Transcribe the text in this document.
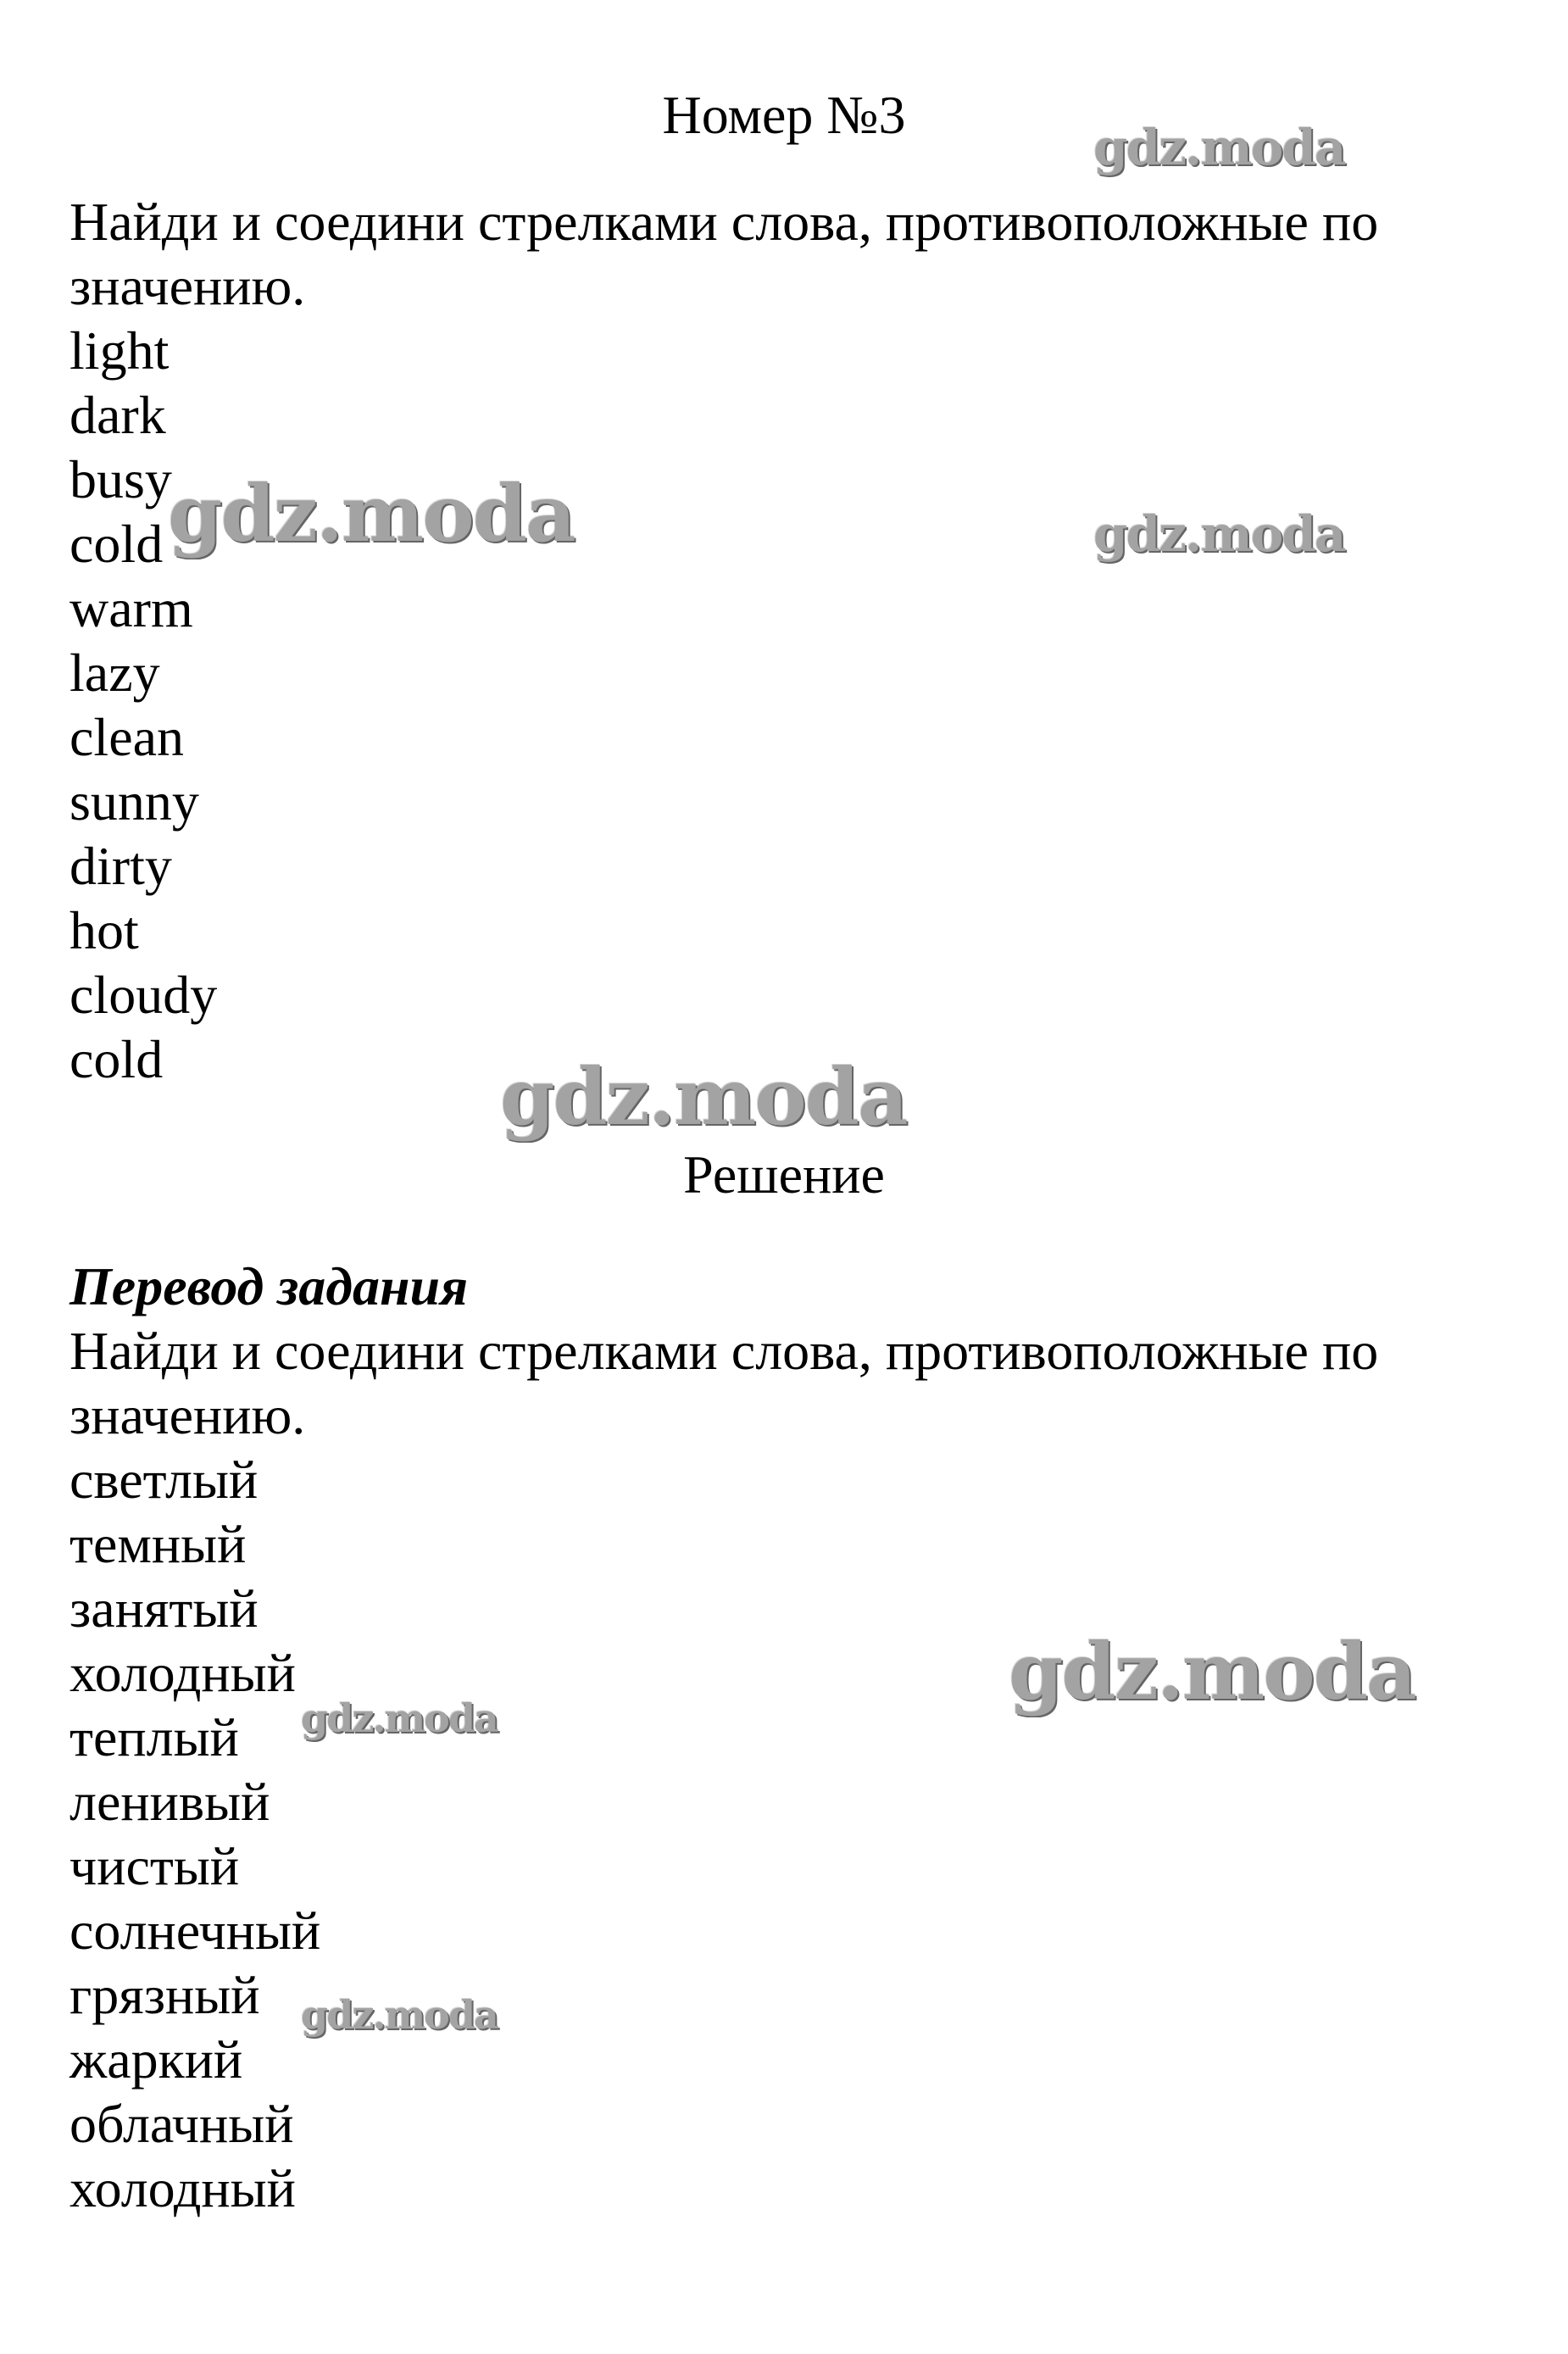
Номер №3
Найди и соедини стрелками слова, противоположные по
значению.
light
dark
busy
cold
warm
lazy
clean
sunny
dirty
hot
cloudy
cold
Решение
Перевод задания
Найди и соедини стрелками слова, противоположные по
значению.
светлый
темный
занятый
холодный
теплый
ленивый
чистый
солнечный
грязный
жаркий
облачный
холодный
gdz.moda
gdz.moda	gdz.moda
gdz.moda
gdz.moda
gdz.moda
gdz.moda
